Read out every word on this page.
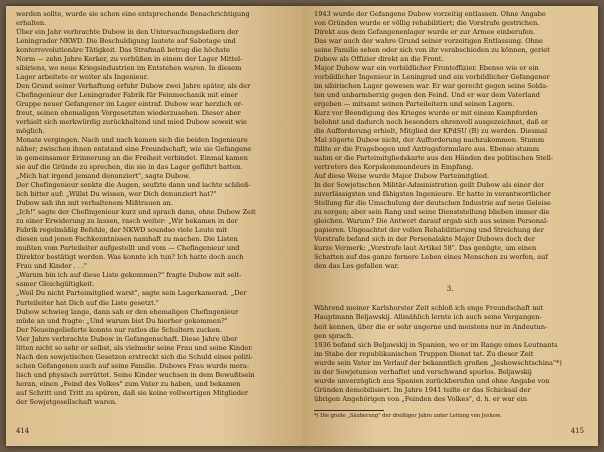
werden sollte, wurde sie schon eine entsprechende Benachrichtigung
erhalten.
Über ein Jahr verbrachte Dubow in den Untersuchungskellern der
Leningrader NKWD. Die Beschuldigung lautete auf Sabotage und
konterrevolutionäre Tätigkeit. Das Strafmaß betrug die höchste
Norm — zehn Jahre Kerker, zu verbüßen in einem der Lager Mittel-
sibiriens, wo neue Kriegsindustrien im Entstehen waren. In diesem
Lager arbeitete er weiter als Ingenieur.
Den Grund seiner Verhaftung erfuhr Dubow zwei Jahre später, als der
Chefingenieur der Leningrader Fabrik für Feinmechanik mit einer
Gruppe neuer Gefangener im Lager eintraf. Dubow war herzlich er-
freut, seinen ehemaligen Vorgesetzten wiederzusehen. Dieser aber
verhielt sich merkwürdig zurückhaltend und mied Dubow soweit wie
möglich.
Monate vergingen. Nach und nach kamen sich die beiden Ingenieure
näher; zwischen ihnen entstand eine Freundschaft, wie sie Gefangene
in gemeinsamer Erinnerung an die Freiheit verbindet. Einmal kamen
sie auf die Gründe zu sprechen, die sie in das Lager geführt hatten.
„Mich hat irgend jemand denunziert", sagte Dubow.
Der Chefingenieur senkte die Augen, seufzte dann und lachte schließ-
lich bitter auf: „Willst Du wissen, wer Dich denunziert hat?"
Dubow sah ihn mit verhaltenem Mißtrauen an.
„Ich!" sagte der Chefingenieur kurz und sprach dann, ohne Dubow Zeit
zu einer Erwiderung zu lassen, rasch weiter: „Wir bekamen in der
Fabrik regelmäßig Befehle, der NKWD soundso viele Leute mit
diesen und jenen Fachkenntnissen namhaft zu machen. Die Listen
mußten vom Parteileiter aufgestellt und vom — Chefingenieur und
Direktor bestätigt werden. Was konnte ich tun? Ich hatte doch auch
Frau und Kinder . . ."
„Warum bin ich auf diese Liste gekommen?" fragte Dubow mit selt-
samer Gleichgültigkeit.
„Weil Du nicht Parteimitglied warst", sagte sein Lagerkamerad. „Der
Parteileiter hat Dich auf die Liste gesetzt."
Dubow schwieg lange, dann sah er den ehemaligen Chefingenieur
müde an und fragte: „Und warum bist Du hierher gekommen?"
Der Neueingelieferte konnte nur ratlos die Schultern zucken.
Vier Jahre verbrachte Dubow in Gefangenschaft. Diese Jahre über
litten nicht so sehr er selbst, als vielmehr seine Frau und seine Kinder.
Nach den sowjetischen Gesetzen erstreckt sich die Schuld eines politi-
schen Gefangenen auch auf seine Familie. Dubows Frau wurde mora-
lisch und physisch zerrüttet. Seine Kinder wuchsen in dem Bewußtsein
heran, einen „Feind des Volkes" zum Vater zu haben, und bekamen
auf Schritt und Tritt zu spüren, daß sie keine vollwertigen Mitglieder
der Sowjetgesellschaft waren.
414
1943 wurde der Gefangene Dubow vorzeitig entlassen. Ohne Angabe
von Gründen wurde er völlig rehabilitiert; die Vorstrafe gestrichen.
Direkt aus dem Gefangenenlager wurde er zur Armee einberufen.
Das war auch der wahre Grund seiner vorzeitigen Entlassung. Ohne
seine Familie sehen oder sich von ihr verabschieden zu können, geriet
Dubow als Offizier direkt an die Front.
Major Dubow war ein vorbildlicher Frontoffizier. Ebenso wie er ein
vorbildlicher Ingenieur in Leningrad und ein vorbildlicher Gefangener
im sibirischen Lager gewesen war. Er war gerecht gegen seine Solda-
ten und unbarmherzig gegen den Feind. Und er war dem Vaterland
ergeben — mitsamt seinen Parteileitern und seinen Lagern.
Kurz vor Beendigung des Krieges wurde er mit einem Kampforden
belohnt und dadurch noch besonders ehrenvoll ausgezeichnet, daß er
die Aufforderung erhielt, Mitglied der KPdSU (B) zu werden. Diesmal
Mal zögerte Dubow nicht, der Aufforderung nachzukommen. Stumm
füllte er die Fragebogen und Antragsformulare aus. Ebenso stumm
nahm er die Parteimitgliedskarte aus den Händen des politischen Stell-
vertreters des Korpskommandeurs in Empfang.
Auf diese Weise wurde Major Dubow Parteimitglied.
In der Sowjetischen Militär-Administration geilt Dubow als einer der
zuverlässigsten und fähigsten Ingenieure. Er hatte in verantwortlicher
Stellung für die Umschulung der deutschen Industrie auf neue Geleise
zu sorgen; aber sein Rang und seine Dienststellung blieben immer die
gleichen. Warum? Die Antwort darauf ergab sich aus seinen Personal-
papieren. Ungeachtet der vollen Rehabilitierung und Streichung der
Vorstrafe befand sich in der Personalakte Major Dubows doch der
kurze Vermerk: „Vorstrafe laut Artikel 58". Das genügte, um einen
Schatten auf das ganze fernere Leben eines Menschen zu werfen, auf
den das Los gefallen war.
3.
Während meiner Karlshorster Zeit schloß ich enge Freundschaft mit
Hauptmann Beljawskij. Allmählich lernte ich auch seine Vergangen-
heit kennen, über die er sehr ungerne und meistens nur in Andeutun-
gen sprach.
1936 befand sich Beljawskij in Spanien, wo er im Range eines Leutnants
im Stabe der republikanischen Truppen Dienst tat. Zu dieser Zeit
wurde sein Vater im Verlauf der bekanntlich großen „Jeshowschtschina"*)
in der Sowjetunion verhaftet und verschwand spurlos. Beljawskij
wurde unverzüglich aus Spanien zurückberufen und ohne Angabe von
Gründen demobilisiert. Im Jahre 1941 teilte er das Schicksal der
übrigen Angehörigen von „Feinden des Volkes", d. h. er war ein
*) Die große „Säuberung" der dreißiger Jahre unter Leitung von Jeshow.
415
